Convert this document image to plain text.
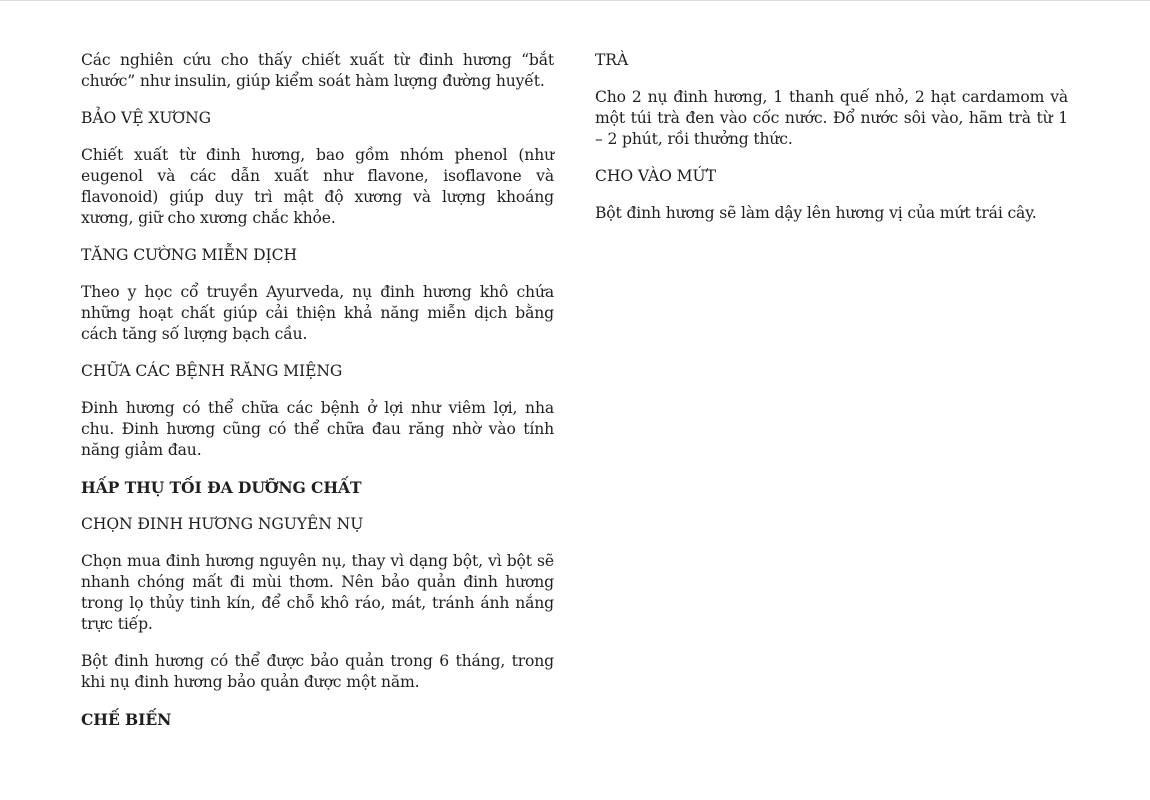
Các nghiên cứu cho thấy chiết xuất từ đinh hương “bắt chước” như insulin, giúp kiểm soát hàm lượng đường huyết.

BẢO VỆ XƯƠNG

Chiết xuất từ đinh hương, bao gồm nhóm phenol (như eugenol và các dẫn xuất như flavone, isoflavone và flavonoid) giúp duy trì mật độ xương và lượng khoáng xương, giữ cho xương chắc khỏe.

TĂNG CƯỜNG MIỄN DỊCH

Theo y học cổ truyền Ayurveda, nụ đinh hương khô chứa những hoạt chất giúp cải thiện khả năng miễn dịch bằng cách tăng số lượng bạch cầu.

CHỮA CÁC BỆNH RĂNG MIỆNG

Đinh hương có thể chữa các bệnh ở lợi như viêm lợi, nha chu. Đinh hương cũng có thể chữa đau răng nhờ vào tính năng giảm đau.

HẤP THỤ TỐI ĐA DƯỠNG CHẤT

CHỌN ĐINH HƯƠNG NGUYÊN NỤ

Chọn mua đinh hương nguyên nụ, thay vì dạng bột, vì bột sẽ nhanh chóng mất đi mùi thơm. Nên bảo quản đinh hương trong lọ thủy tinh kín, để chỗ khô ráo, mát, tránh ánh nắng trực tiếp.

Bột đinh hương có thể được bảo quản trong 6 tháng, trong khi nụ đinh hương bảo quản được một năm.

CHẾ BIẾN

TRÀ

Cho 2 nụ đinh hương, 1 thanh quế nhỏ, 2 hạt cardamom và một túi trà đen vào cốc nước. Đổ nước sôi vào, hãm trà từ 1 – 2 phút, rồi thưởng thức.

CHO VÀO MỨT

Bột đinh hương sẽ làm dậy lên hương vị của mứt trái cây.
